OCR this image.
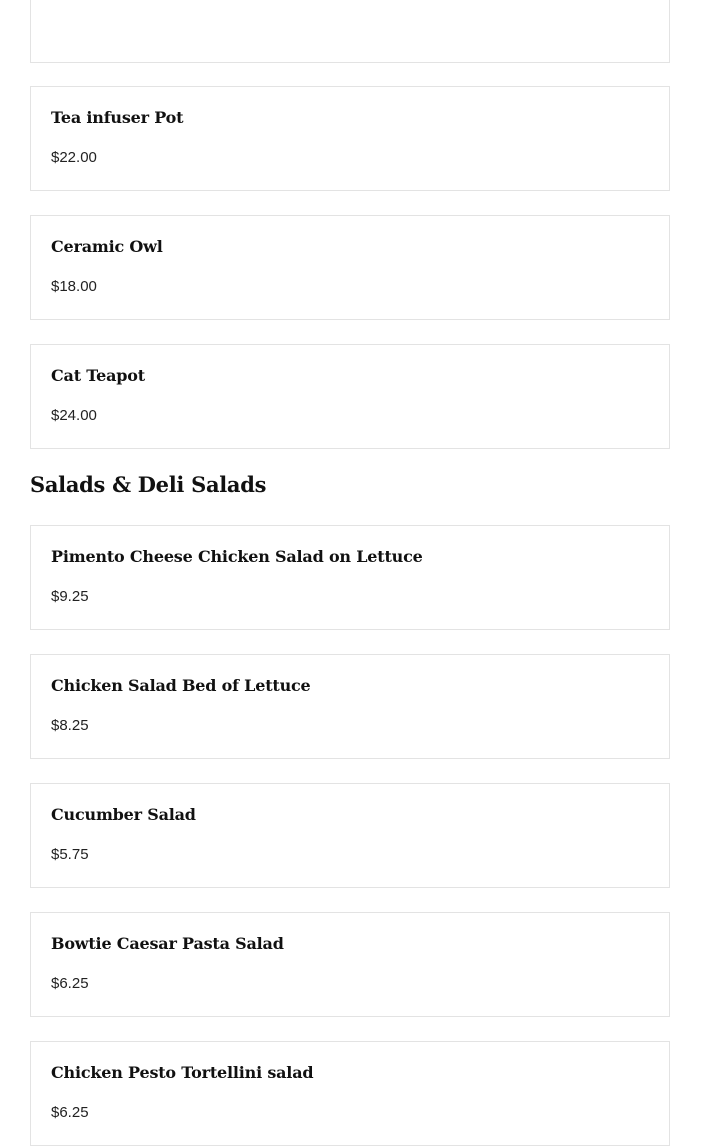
Tea infuser Pot
$22.00
Ceramic Owl
$18.00
Cat Teapot
$24.00
Salads & Deli Salads
Pimento Cheese Chicken Salad on Lettuce
$9.25
Chicken Salad Bed of Lettuce
$8.25
Cucumber Salad
$5.75
Bowtie Caesar Pasta Salad
$6.25
Chicken Pesto Tortellini salad
$6.25
